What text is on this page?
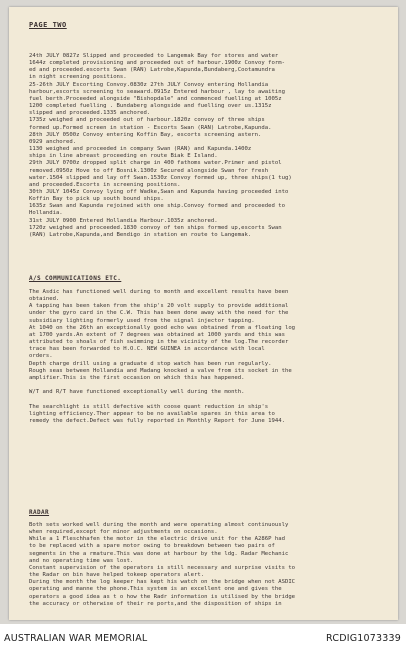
PAGE TWO
24th JULY 0827z Slipped and proceeded to Langemak Bay for stores and water
1644z completed provisioning and proceeded out of harbour.1900z Convoy form-
ed and proceeded.escorts Swan (RAN) Latrobe,Kapunda,Bundaberg,Cootamundra
in night screening positions.
25-26th JULY Escorting Convoy.0830z 27th JULY Convoy entering Hollandia
harbour,escorts screening to seaward.0915z Entered harbour , lay to awaiting
fuel berth.Proceeded alongside "Bishopdale" and commenced fuelling at 1005z
1200 completed fuelling . Bundaberg alongside and fuelling over us.1315z
slipped and proceeded.1335 anchored.
1735z weighed and proceeded out of harbour.1820z convoy of three ships
formed up.Formed screen in station - Escorts Swan (RAN) Latrobe,Kapunda.
28th JULY 0500z Convoy entering Koffin Bay, escorts screening astern.
0929 anchored.
1130 weighed and proceeded in company Swan (RAN) and Kapunda.1400z
ships in line abreast proceeding en route Biak E Island.
29th JULY 0700z dropped split charge in 400 fathoms water.Primer and pistol
removed.0950z Hove to off Bosnik.1300z Secured alongside Swan for fresh
water.1504 slipped and lay off Swan.1530z Convoy formed up, three ships(1 tug)
and proceeded.Escorts in screening positions.
30th JULY 1045z Convoy lying off Wadke,Swan and Kapunda having proceeded into
Koffin Bay to pick up south bound ships.
1635z Swan and Kapunda rejoined with one ship.Convoy formed and proceeded to
Hollandia.
31st JULY 0900 Entered Hollandia Harbour.1035z anchored.
1720z weighed and proceeded.1830 convoy of ten ships formed up,escorts Swan
(RAN) Latrobe,Kapunda,and Bendigo in station en route to Langemak.
A/S COMMUNICATIONS ETC.
The Asdic has functioned well during to month and excellent results have been
obtained.
A tapping has been taken from the ship's 20 volt supply to provide additional
under the gyro card in the C.W. This has been done away with the need for the
subsidiary lighting formerly used from the signal injector tapping.
At 1040 on the 26th an exceptionally good echo was obtained from a floating log
at 1700 yards.An extent of 7 degrees was obtained at 1000 yards and this was
attributed to shoals of fish swimming in the vicinity of the log.The recorder
trace has been forwarded to H.O.C. NEW GUINEA in accordance with local
orders.
Depth charge drill using a graduate d stop watch has been run regularly.
Rough seas between Hollandia and Madang knocked a valve from its socket in the
amplifier.This is the first occasion on which this has happened.

W/T and R/T have functioned exceptionally well during the month.

The searchlight is still defective with coose quant reduction in ship's
lighting efficiency.Ther appear to be no available spares in this area to
remedy the defect.Defect was fully reported in Monthly Report for June 1944.
RADAR
Both sets worked well during the month and were operating almost continuously
when required,except for minor adjustments on occasions.
While a 1 Fleschhafen the motor in the electric drive unit for the A286P had
to be replaced with a spare motor owing to breakdown between two pairs of
segments in the a rmature.This was done at harbour by the ldg. Radar Mechanic
and no operating time was lost.
Constant supervision of the operators is still necessary and surprise visits to
the Radar on bin have helped tokeep operators alert.
During the month the log keeper has kept his watch on the bridge when not ASDIC
operating and manne the phone.This system is an excellent one and gives the
operators a good idea as t o how the Radr information is utilised by the bridge
the accuracy or otherwise of their re ports,and the disposition of ships in
AUSTRALIAN WAR MEMORIAL	RCDIG1073339
